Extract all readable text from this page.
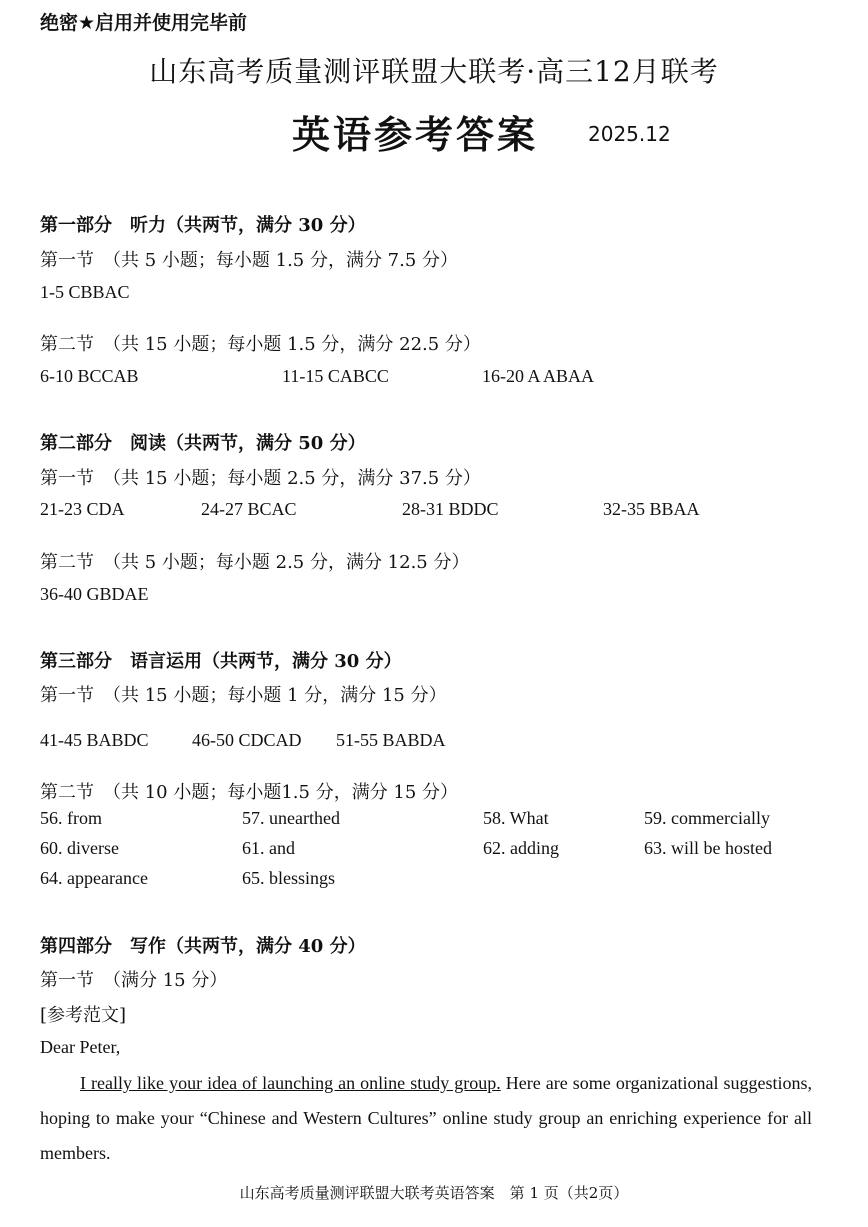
绝密★启用并使用完毕前
山东高考质量测评联盟大联考·高三12月联考
英语参考答案 2025.12
第一部分　听力（共两节，满分 30 分）
第一节　（共 5 小题；每小题 1.5 分，满分 7.5 分）
1-5 CBBAC
第二节　（共 15 小题；每小题 1.5 分，满分 22.5 分）
6-10 BCCAB	11-15 CABCC	16-20 A ABAA
第二部分　阅读（共两节，满分 50 分）
第一节　（共 15 小题；每小题 2.5 分，满分 37.5 分）
21-23 CDA	24-27 BCAC	28-31 BDDC	32-35 BBAA
第二节　（共 5 小题；每小题 2.5 分，满分 12.5 分）
36-40 GBDAE
第三部分　语言运用（共两节，满分 30 分）
第一节　（共 15 小题；每小题 1 分，满分 15 分）
41-45 BABDC 46-50 CDCAD 51-55 BABDA
第二节　（共 10 小题；每小题1.5 分，满分 15 分）
56. from	57. unearthed	58. What	59. commercially
60. diverse	61. and	62. adding	63. will be hosted
64. appearance	65. blessings
第四部分　写作（共两节，满分 40 分）
第一节　（满分 15 分）
[参考范文]
Dear Peter,
I really like your idea of launching an online study group. Here are some organizational suggestions, hoping to make your “Chinese and Western Cultures” online study group an enriching experience for all members.
山东高考质量测评联盟大联考英语答案　第 1 页（共2页）
